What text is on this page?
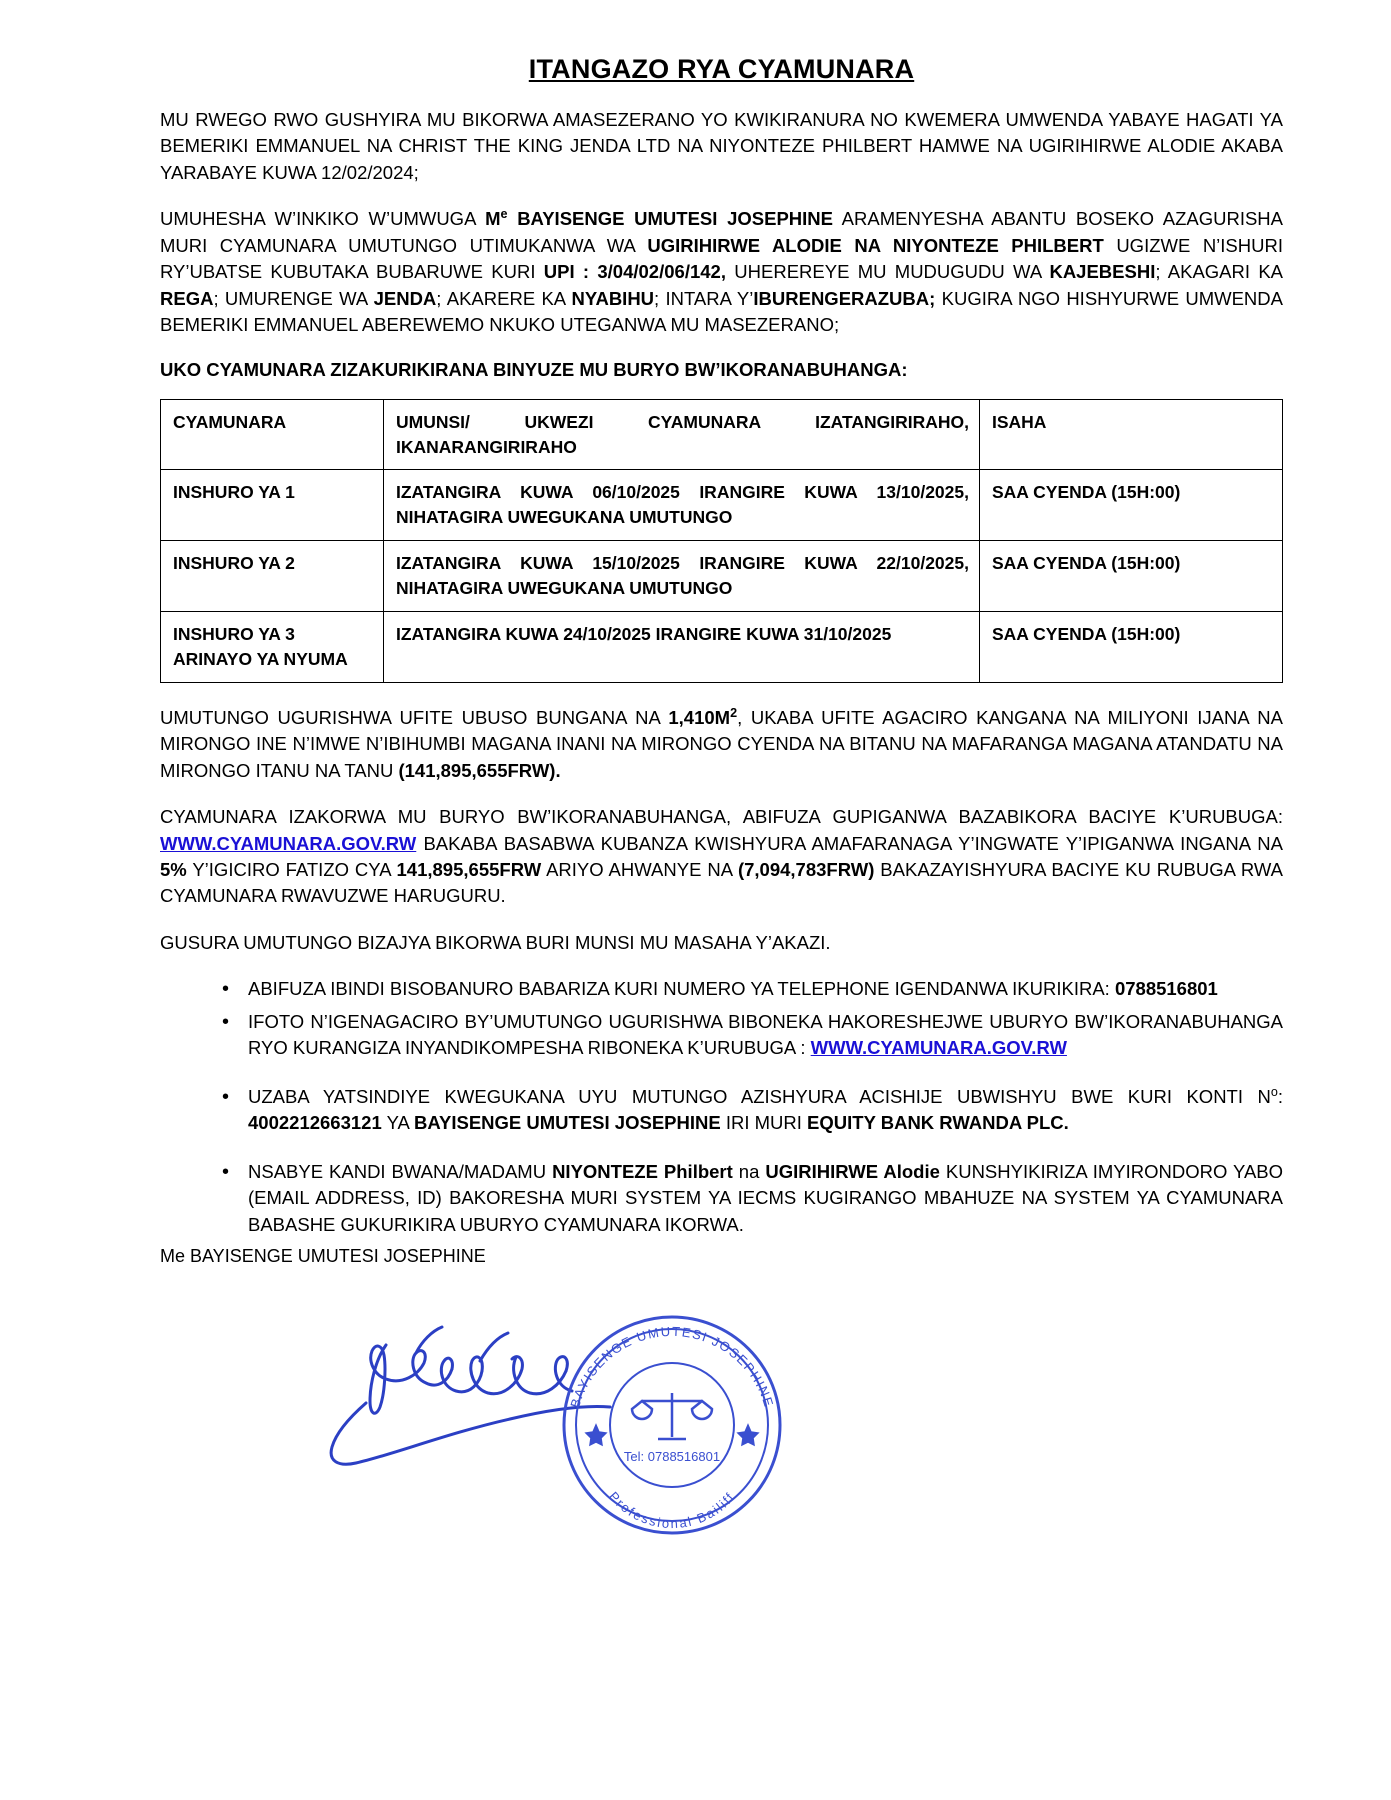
ITANGAZO RYA CYAMUNARA

MU RWEGO RWO GUSHYIRA MU BIKORWA AMASEZERANO YO KWIKIRANURA NO KWEMERA UMWENDA YABAYE HAGATI YA BEMERIKI EMMANUEL NA CHRIST THE KING JENDA LTD NA NIYONTEZE PHILBERT HAMWE NA UGIRIHIRWE ALODIE AKABA YARABAYE KUWA 12/02/2024;

UMUHESHA W’INKIKO W’UMWUGA Me BAYISENGE UMUTESI JOSEPHINE ARAMENYESHA ABANTU BOSEKO AZAGURISHA MURI CYAMUNARA UMUTUNGO UTIMUKANWA WA UGIRIHIRWE ALODIE NA NIYONTEZE PHILBERT UGIZWE N’ISHURI RY’UBATSE KUBUTAKA BUBARUWE KURI UPI : 3/04/02/06/142, UHEREREYE MU MUDUGUDU WA KAJEBESHI; AKAGARI KA REGA; UMURENGE WA JENDA; AKARERE KA NYABIHU; INTARA Y’IBURENGERAZUBA; KUGIRA NGO HISHYURWE UMWENDA BEMERIKI EMMANUEL ABEREWEMO NKUKO UTEGANWA MU MASEZERANO;

UKO CYAMUNARA ZIZAKURIKIRANA BINYUZE MU BURYO BW’IKORANABUHANGA:

CYAMUNARA	UMUNSI/ UKWEZI CYAMUNARA IZATANGIRIRAHO, IKANARANGIRIRAHO	ISAHA
INSHURO YA 1	IZATANGIRA KUWA 06/10/2025 IRANGIRE KUWA 13/10/2025, NIHATAGIRA UWEGUKANA UMUTUNGO	SAA CYENDA (15H:00)
INSHURO YA 2	IZATANGIRA KUWA 15/10/2025 IRANGIRE KUWA 22/10/2025, NIHATAGIRA UWEGUKANA UMUTUNGO	SAA CYENDA (15H:00)
INSHURO YA 3 ARINAYO YA NYUMA	IZATANGIRA KUWA 24/10/2025 IRANGIRE KUWA 31/10/2025	SAA CYENDA (15H:00)

UMUTUNGO UGURISHWA UFITE UBUSO BUNGANA NA $1,410M^2$, UKABA UFITE AGACIRO KANGANA NA MILIYONI IJANA NA MIRONGO INE N’IMWE N’IBIHUMBI MAGANA INANI NA MIRONGO CYENDA NA BITANU NA MAFARANGA MAGANA ATANDATU NA MIRONGO ITANU NA TANU (141,895,655FRW).

CYAMUNARA IZAKORWA MU BURYO BW’IKORANABUHANGA, ABIFUZA GUPIGANWA BAZABIKORA BACIYE K’URUBUGA: WWW.CYAMUNARA.GOV.RW BAKABA BASABWA KUBANZA KWISHYURA AMAFARANAGA Y’INGWATE Y’IPIGANWA INGANA NA 5% Y’IGICIRO FATIZO CYA 141,895,655FRW ARIYO AHWANYE NA (7,094,783FRW) BAKAZAYISHYURA BACIYE KU RUBUGA RWA CYAMUNARA RWAVUZWE HARUGURU.

GUSURA UMUTUNGO BIZAJYA BIKORWA BURI MUNSI MU MASAHA Y’AKAZI.

• ABIFUZA IBINDI BISOBANURO BABARIZA KURI NUMERO YA TELEPHONE IGENDANWA IKURIKIRA: 0788516801
• IFOTO N’IGENAGACIRO BY’UMUTUNGO UGURISHWA BIBONEKA HAKORESHEJWE UBURYO BW’IKORANABUHANGA RYO KURANGIZA INYANDIKOMPESHA RIBONEKA K’URUBUGA : WWW.CYAMUNARA.GOV.RW
• UZABA YATSINDIYE KWEGUKANA UYU MUTUNGO AZISHYURA ACISHIJE UBWISHYU BWE KURI KONTI $N^o$: 4002212663121 YA BAYISENGE UMUTESI JOSEPHINE IRI MURI EQUITY BANK RWANDA PLC.
• NSABYE KANDI BWANA/MADAMU NIYONTEZE Philbert na UGIRIHIRWE Alodie KUNSHYIKIRIZA IMYIRONDORO YABO (EMAIL ADDRESS, ID) BAKORESHA MURI SYSTEM YA IECMS KUGIRANGO MBAHUZE NA SYSTEM YA CYAMUNARA BABASHE GUKURIKIRA UBURYO CYAMUNARA IKORWA.

Me BAYISENGE UMUTESI JOSEPHINE

BAYISENGE UMUTESI JOSEPHINE
Tel: 0788516801
Professional Bailiff
